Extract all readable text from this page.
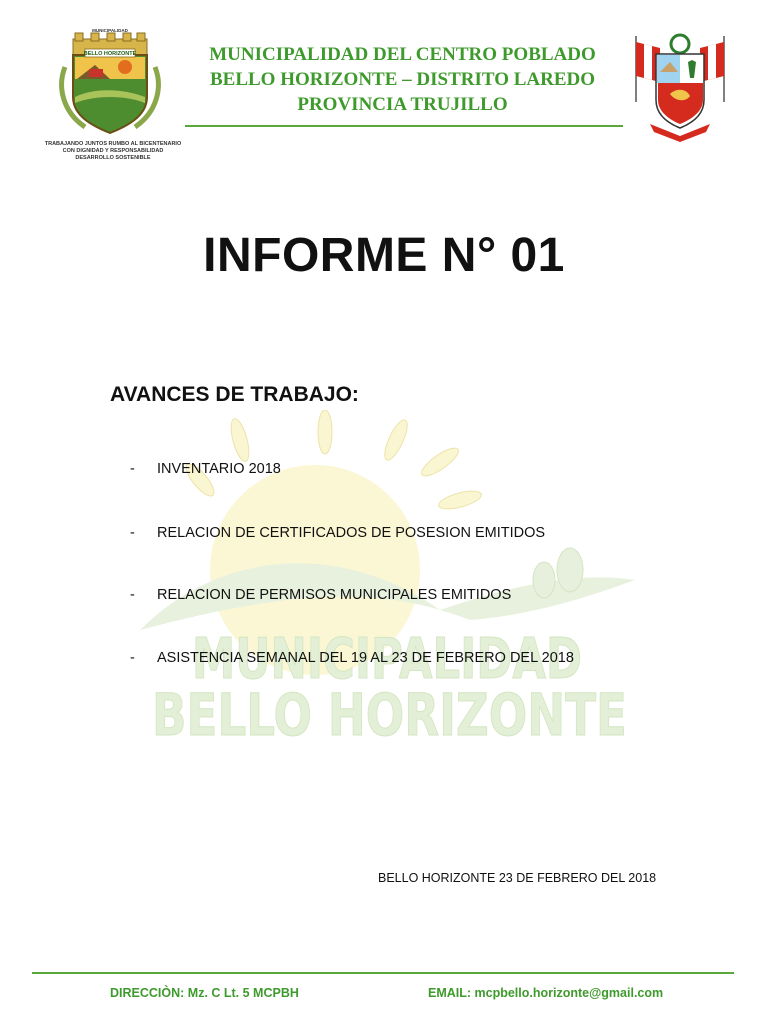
MUNICIPALIDAD
BELLO HORIZONTE
BELLO HORIZONTE
MUNICIPALIDAD
TRABAJANDO JUNTOS RUMBO AL BICENTENARIO
CON DIGNIDAD Y RESPONSABILIDAD
DESARROLLO SOSTENIBLE
MUNICIPALIDAD DEL CENTRO POBLADO
BELLO HORIZONTE – DISTRITO LAREDO
PROVINCIA TRUJILLO
INFORME N° 01
AVANCES DE TRABAJO:
- INVENTARIO 2018
- RELACION DE CERTIFICADOS DE POSESION EMITIDOS
- RELACION DE PERMISOS MUNICIPALES EMITIDOS
- ASISTENCIA SEMANAL DEL 19 AL 23 DE FEBRERO DEL 2018
BELLO HORIZONTE 23 DE FEBRERO DEL 2018
DIRECCIÒN: Mz. C Lt. 5 MCPBH	EMAIL: mcpbello.horizonte@gmail.com
